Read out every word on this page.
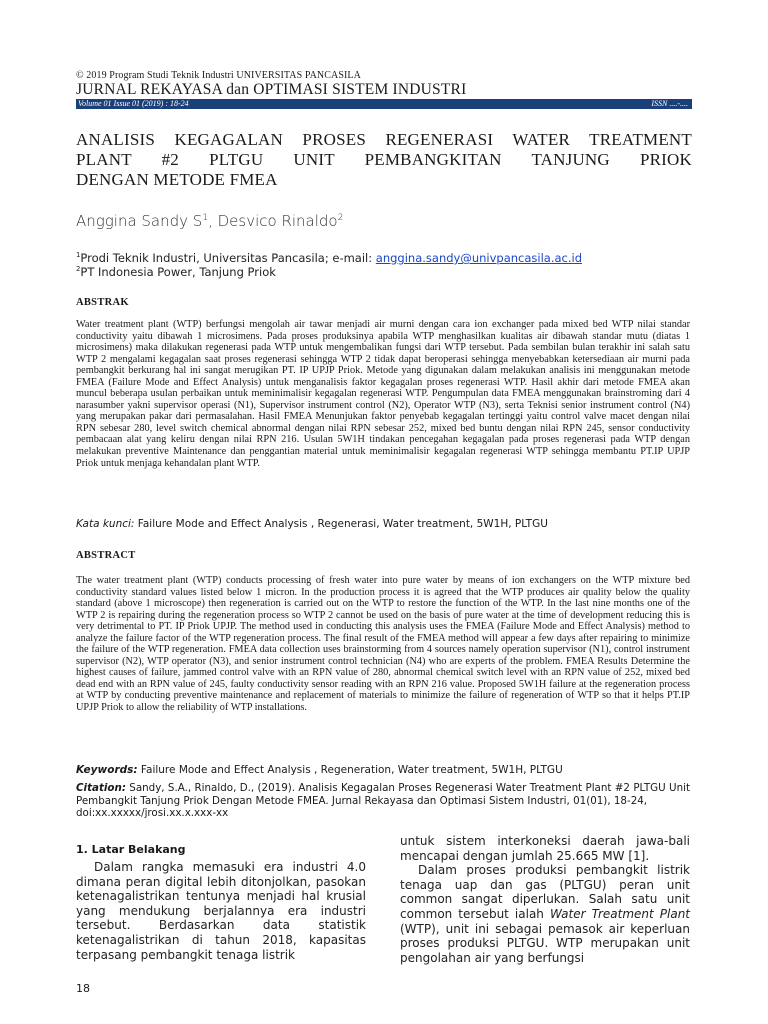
© 2019 Program Studi Teknik Industri UNIVERSITAS PANCASILA
JURNAL REKAYASA dan OPTIMASI SISTEM INDUSTRI
Volume 01 Issue 01 (2019) : 18-24	ISSN ....-....
ANALISIS KEGAGALAN PROSES REGENERASI WATER TREATMENT
PLANT #2 PLTGU UNIT PEMBANGKITAN TANJUNG PRIOK
DENGAN METODE FMEA
Anggina Sandy $S^1$, Desvico Rinaldo$^2$
$^1$Prodi Teknik Industri, Universitas Pancasila; e-mail: anggina.sandy@univpancasila.ac.id
$^2$PT Indonesia Power, Tanjung Priok
ABSTRAK
Water treatment plant (WTP) berfungsi mengolah air tawar menjadi air murni dengan cara ion exchanger pada mixed bed WTP nilai standar conductivity yaitu dibawah 1 microsimens. Pada proses produksinya apabila WTP menghasilkan kualitas air dibawah standar mutu (diatas 1 microsimens) maka dilakukan regenerasi pada WTP untuk mengembalikan fungsi dari WTP tersebut. Pada sembilan bulan terakhir ini salah satu WTP 2 mengalami kegagalan saat proses regenerasi sehingga WTP 2 tidak dapat beroperasi sehingga menyebabkan ketersediaan air murni pada pembangkit berkurang hal ini sangat merugikan PT. IP UPJP Priok. Metode yang digunakan dalam melakukan analisis ini menggunakan metode FMEA (Failure Mode and Effect Analysis) untuk menganalisis faktor kegagalan proses regenerasi WTP. Hasil akhir dari metode FMEA akan muncul beberapa usulan perbaikan untuk meminimalisir kegagalan regenerasi WTP. Pengumpulan data FMEA menggunakan brainstroming dari 4 narasumber yakni supervisor operasi (N1), Supervisor instrument control (N2), Operator WTP (N3), serta Teknisi senior instrument control (N4) yang merupakan pakar dari permasalahan. Hasil FMEA Menunjukan faktor penyebab kegagalan tertinggi yaitu control valve macet dengan nilai RPN sebesar 280, level switch chemical abnormal dengan nilai RPN sebesar 252, mixed bed buntu dengan nilai RPN 245, sensor conductivity pembacaan alat yang keliru dengan nilai RPN 216. Usulan 5W1H tindakan pencegahan kegagalan pada proses regenerasi pada WTP dengan melakukan preventive Maintenance dan penggantian material untuk meminimalisir kegagalan regenerasi WTP sehingga membantu PT.IP UPJP Priok untuk menjaga kehandalan plant WTP.
Kata kunci: Failure Mode and Effect Analysis , Regenerasi, Water treatment, 5W1H, PLTGU
ABSTRACT
The water treatment plant (WTP) conducts processing of fresh water into pure water by means of ion exchangers on the WTP mixture bed conductivity standard values listed below 1 micron. In the production process it is agreed that the WTP produces air quality below the quality standard (above 1 microscope) then regeneration is carried out on the WTP to restore the function of the WTP. In the last nine months one of the WTP 2 is repairing during the regeneration process so WTP 2 cannot be used on the basis of pure water at the time of development reducing this is very detrimental to PT. IP Priok UPJP. The method used in conducting this analysis uses the FMEA (Failure Mode and Effect Analysis) method to analyze the failure factor of the WTP regeneration process. The final result of the FMEA method will appear a few days after repairing to minimize the failure of the WTP regeneration. FMEA data collection uses brainstorming from 4 sources namely operation supervisor (N1), control instrument supervisor (N2), WTP operator (N3), and senior instrument control technician (N4) who are experts of the problem. FMEA Results Determine the highest causes of failure, jammed control valve with an RPN value of 280, abnormal chemical switch level with an RPN value of 252, mixed bed dead end with an RPN value of 245, faulty conductivity sensor reading with an RPN 216 value. Proposed 5W1H failure at the regeneration process at WTP by conducting preventive maintenance and replacement of materials to minimize the failure of regeneration of WTP so that it helps PT.IP UPJP Priok to allow the reliability of WTP installations.
Keywords: Failure Mode and Effect Analysis , Regeneration, Water treatment, 5W1H, PLTGU
Citation: Sandy, S.A., Rinaldo, D., (2019). Analisis Kegagalan Proses Regenerasi Water Treatment Plant #2 PLTGU Unit Pembangkit Tanjung Priok Dengan Metode FMEA. Jurnal Rekayasa dan Optimasi Sistem Industri, 01(01), 18-24,
doi:xx.xxxxx/jrosi.xx.x.xxx-xx
1. Latar Belakang
Dalam rangka memasuki era industri 4.0 dimana peran digital lebih ditonjolkan, pasokan ketenagalistrikan tentunya menjadi hal krusial yang mendukung berjalannya era industri tersebut. Berdasarkan data statistik ketenagalistrikan di tahun 2018, kapasitas terpasang pembangkit tenaga listrik

untuk sistem interkoneksi daerah jawa-bali mencapai dengan jumlah 25.665 MW [1].

Dalam proses produksi pembangkit listrik tenaga uap dan gas (PLTGU) peran unit common sangat diperlukan. Salah satu unit common tersebut ialah Water Treatment Plant (WTP), unit ini sebagai pemasok air keperluan proses produksi PLTGU. WTP merupakan unit pengolahan air yang berfungsi

18
